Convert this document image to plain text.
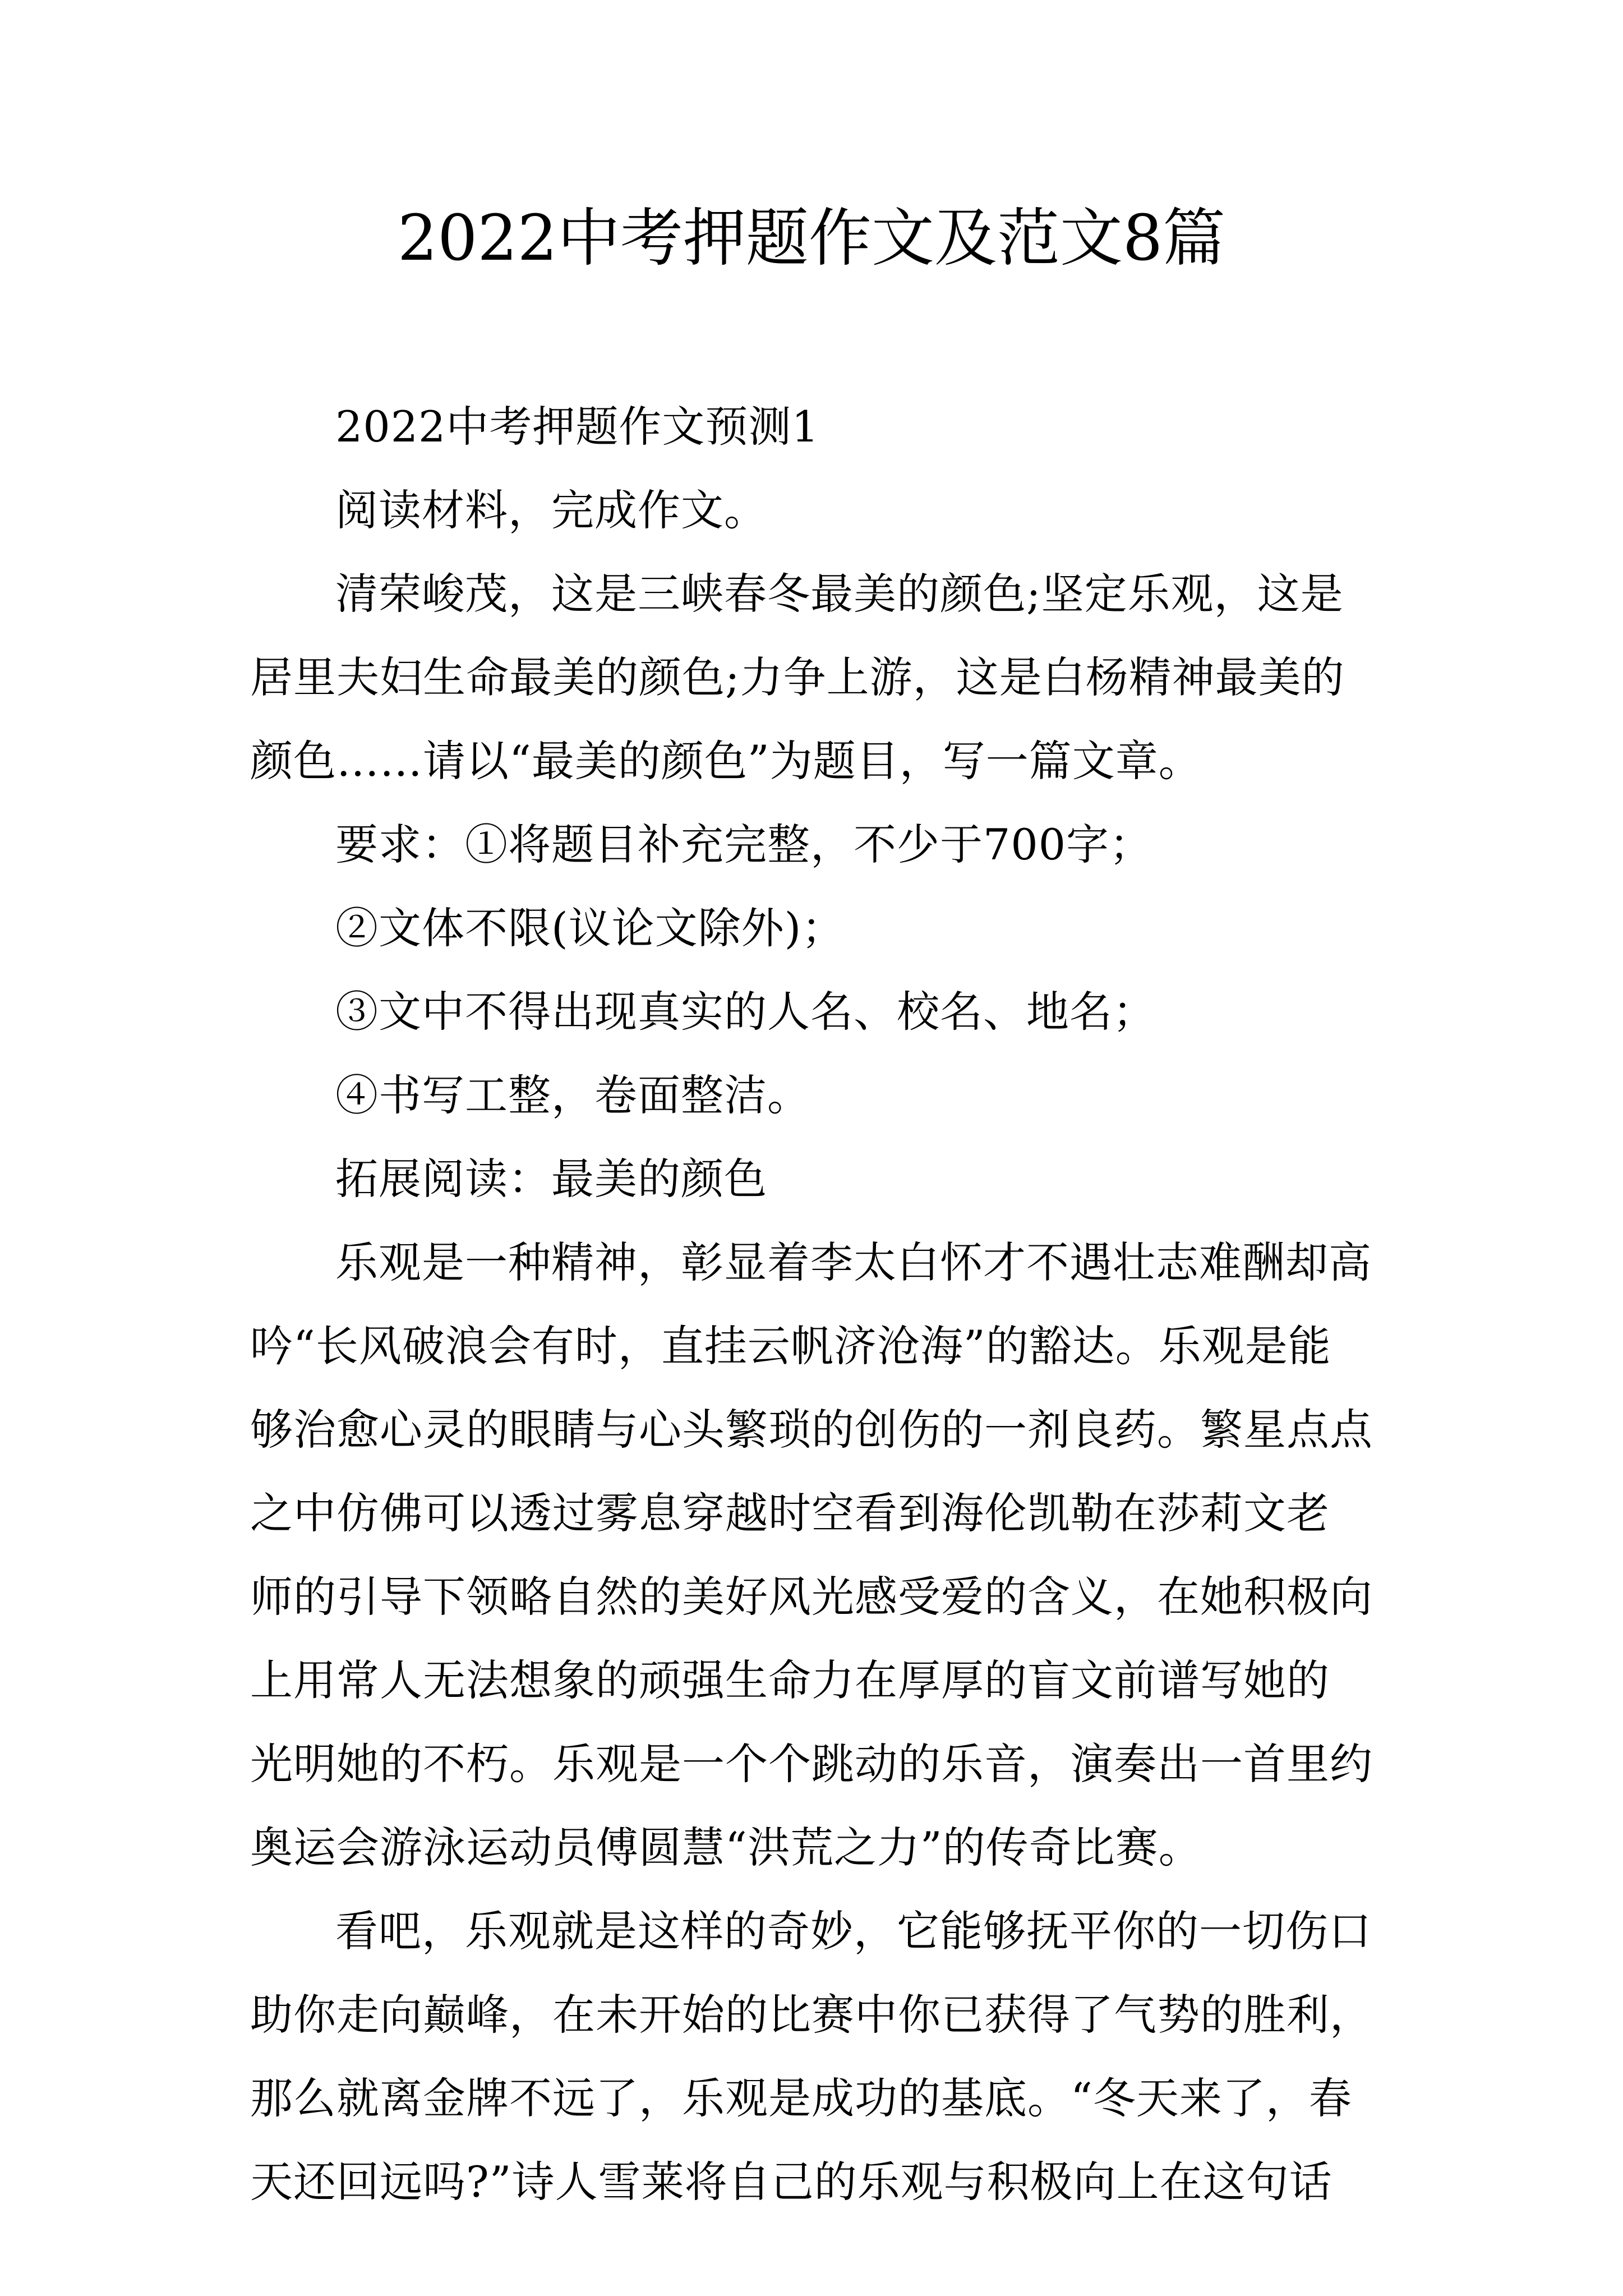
2022中考押题作文及范文8篇
2022中考押题作文预测1
阅读材料，完成作文。
清荣峻茂，这是三峡春冬最美的颜色;坚定乐观，这是
居里夫妇生命最美的颜色;力争上游，这是白杨精神最美的
颜色……请以“最美的颜色”为题目，写一篇文章。
要求：①将题目补充完整，不少于700字；
②文体不限(议论文除外)；
③文中不得出现真实的人名、校名、地名；
④书写工整，卷面整洁。
拓展阅读：最美的颜色
乐观是一种精神，彰显着李太白怀才不遇壮志难酬却高
吟“长风破浪会有时，直挂云帆济沧海”的豁达。乐观是能
够治愈心灵的眼睛与心头繁琐的创伤的一剂良药。繁星点点
之中仿佛可以透过雾息穿越时空看到海伦凯勒在莎莉文老
师的引导下领略自然的美好风光感受爱的含义，在她积极向
上用常人无法想象的顽强生命力在厚厚的盲文前谱写她的
光明她的不朽。乐观是一个个跳动的乐音，演奏出一首里约
奥运会游泳运动员傅圆慧“洪荒之力”的传奇比赛。
看吧，乐观就是这样的奇妙，它能够抚平你的一切伤口
助你走向巅峰，在未开始的比赛中你已获得了气势的胜利，
那么就离金牌不远了，乐观是成功的基底。“冬天来了，春
天还回远吗?”诗人雪莱将自己的乐观与积极向上在这句话
